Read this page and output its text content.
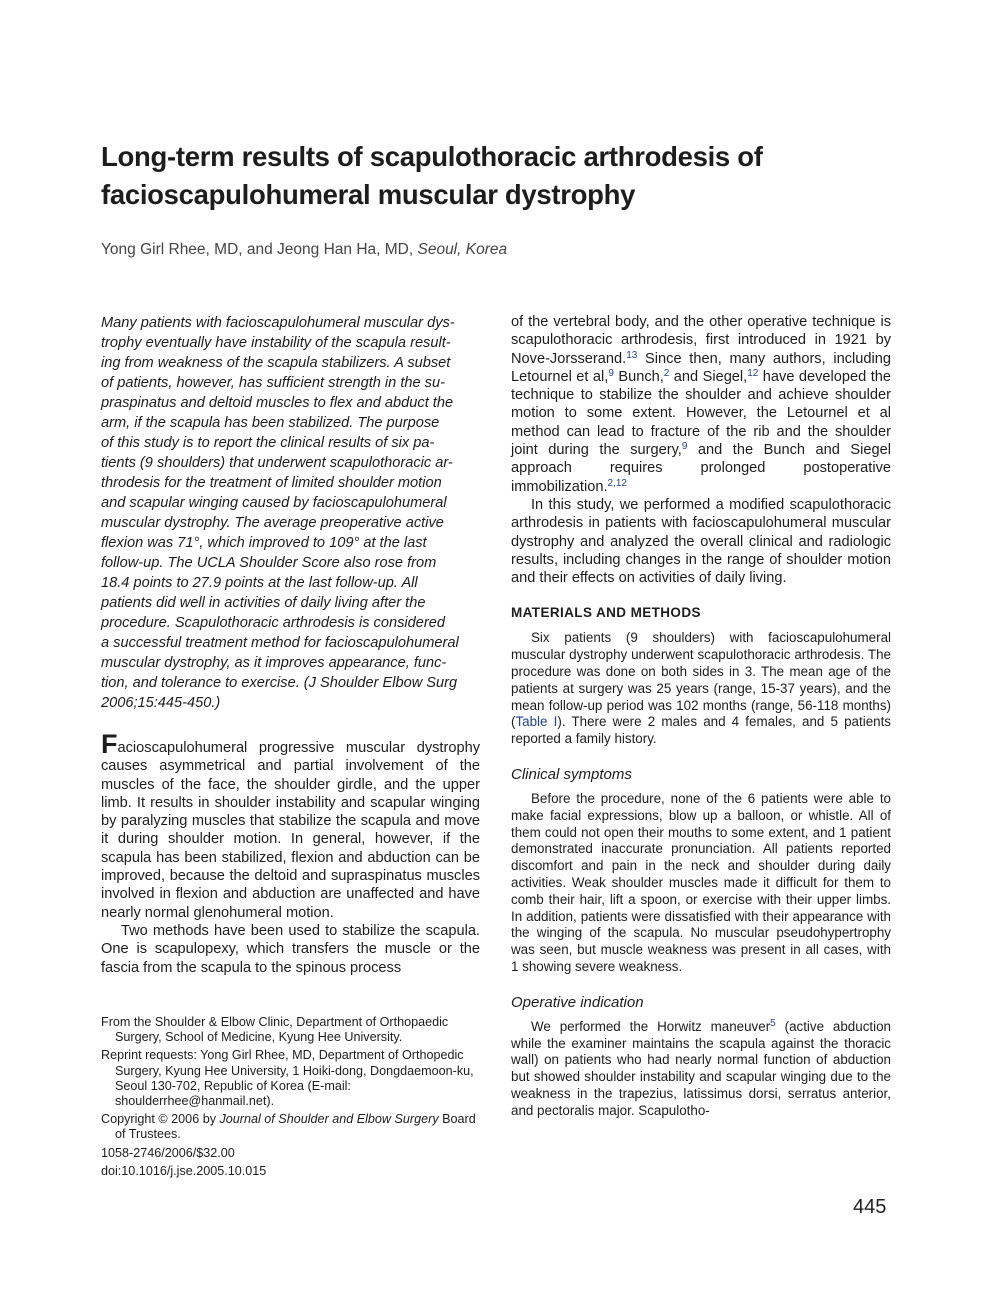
Long-term results of scapulothoracic arthrodesis of
facioscapulohumeral muscular dystrophy
Yong Girl Rhee, MD, and Jeong Han Ha, MD, Seoul, Korea
Many patients with facioscapulohumeral muscular dys-
trophy eventually have instability of the scapula result-
ing from weakness of the scapula stabilizers. A subset
of patients, however, has sufficient strength in the su-
praspinatus and deltoid muscles to flex and abduct the
arm, if the scapula has been stabilized. The purpose
of this study is to report the clinical results of six pa-
tients (9 shoulders) that underwent scapulothoracic ar-
throdesis for the treatment of limited shoulder motion
and scapular winging caused by facioscapulohumeral
muscular dystrophy. The average preoperative active
flexion was 71°, which improved to 109° at the last
follow-up. The UCLA Shoulder Score also rose from
18.4 points to 27.9 points at the last follow-up. All
patients did well in activities of daily living after the
procedure. Scapulothoracic arthrodesis is considered
a successful treatment method for facioscapulohumeral
muscular dystrophy, as it improves appearance, func-
tion, and tolerance to exercise. (J Shoulder Elbow Surg
2006;15:445-450.)

Facioscapulohumeral progressive muscular dystrophy causes asymmetrical and partial involvement of the muscles of the face, the shoulder girdle, and the upper limb. It results in shoulder instability and scapular winging by paralyzing muscles that stabilize the scapula and move it during shoulder motion. In general, however, if the scapula has been stabilized, flexion and abduction can be improved, because the deltoid and supraspinatus muscles involved in flexion and abduction are unaffected and have nearly normal glenohumeral motion.

Two methods have been used to stabilize the scapula. One is scapulopexy, which transfers the muscle or the fascia from the scapula to the spinous process

of the vertebral body, and the other operative technique is scapulothoracic arthrodesis, first introduced in 1921 by Nove-Jorsserand.$^{13}$ Since then, many authors, including Letournel et al,$^9$ Bunch,$^2$ and Siegel,$^{12}$ have developed the technique to stabilize the shoulder and achieve shoulder motion to some extent. However, the Letournel et al method can lead to fracture of the rib and the shoulder joint during the surgery,$^9$ and the Bunch and Siegel approach requires prolonged postoperative immobilization.$^{2,12}$

In this study, we performed a modified scapulothoracic arthrodesis in patients with facioscapulohumeral muscular dystrophy and analyzed the overall clinical and radiologic results, including changes in the range of shoulder motion and their effects on activities of daily living.

MATERIALS AND METHODS

Six patients (9 shoulders) with facioscapulohumeral muscular dystrophy underwent scapulothoracic arthrodesis. The procedure was done on both sides in 3. The mean age of the patients at surgery was 25 years (range, 15-37 years), and the mean follow-up period was 102 months (range, 56-118 months) (Table I). There were 2 males and 4 females, and 5 patients reported a family history.

Clinical symptoms

Before the procedure, none of the 6 patients were able to make facial expressions, blow up a balloon, or whistle. All of them could not open their mouths to some extent, and 1 patient demonstrated inaccurate pronunciation. All patients reported discomfort and pain in the neck and shoulder during daily activities. Weak shoulder muscles made it difficult for them to comb their hair, lift a spoon, or exercise with their upper limbs. In addition, patients were dissatisfied with their appearance with the winging of the scapula. No muscular pseudohypertrophy was seen, but muscle weakness was present in all cases, with 1 showing severe weakness.

Operative indication

We performed the Horwitz maneuver$^5$ (active abduction while the examiner maintains the scapula against the thoracic wall) on patients who had nearly normal function of abduction but showed shoulder instability and scapular winging due to the weakness in the trapezius, latissimus dorsi, serratus anterior, and pectoralis major. Scapulotho-

From the Shoulder & Elbow Clinic, Department of Orthopaedic Surgery, School of Medicine, Kyung Hee University.

Reprint requests: Yong Girl Rhee, MD, Department of Orthopedic Surgery, Kyung Hee University, 1 Hoiki-dong, Dongdaemoon-ku, Seoul 130-702, Republic of Korea (E-mail: shoulderrhee@hanmail.net).

Copyright © 2006 by Journal of Shoulder and Elbow Surgery Board of Trustees.

1058-2746/2006/$32.00

doi:10.1016/j.jse.2005.10.015

445
